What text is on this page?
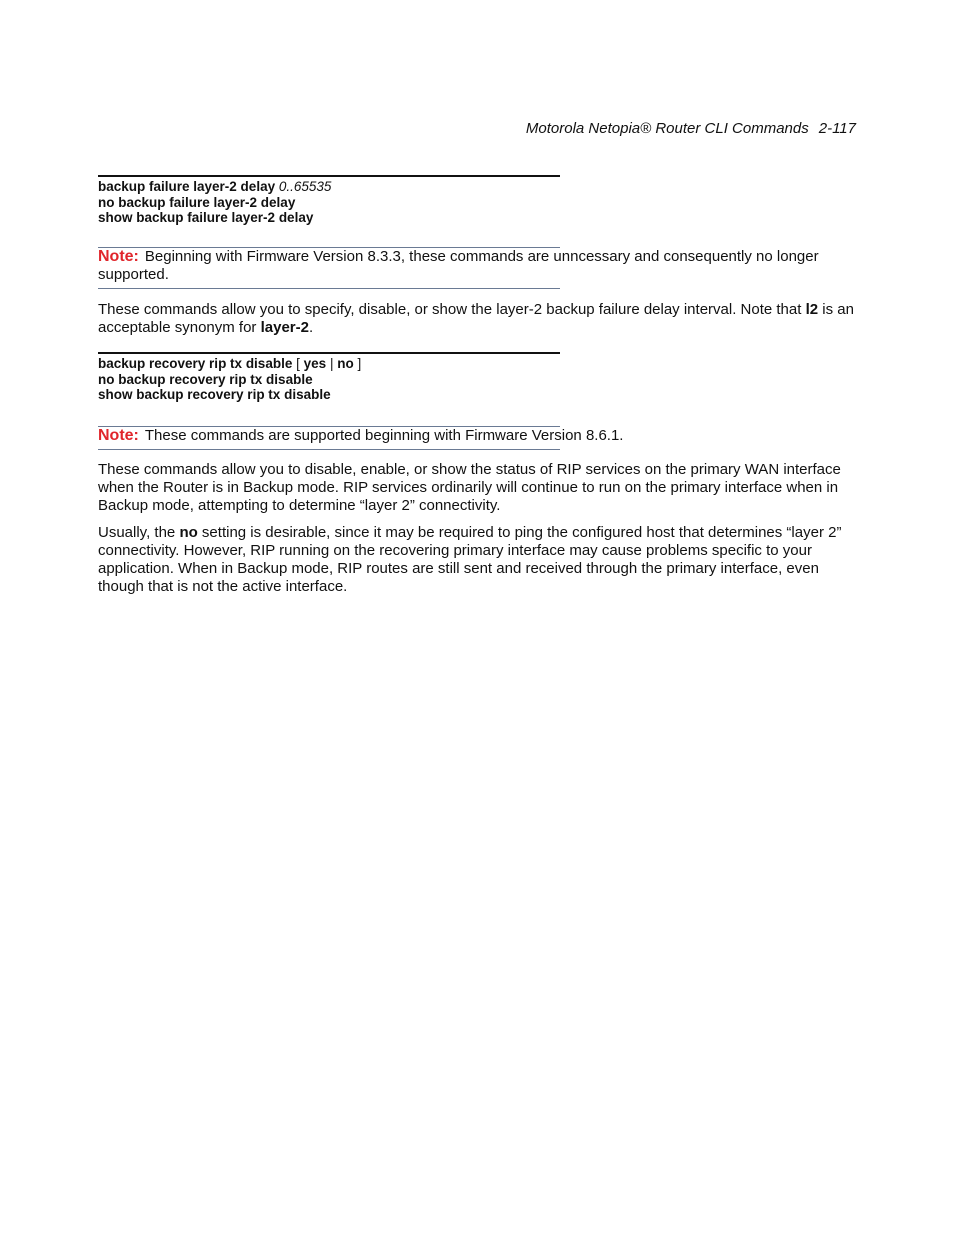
Motorola Netopia® Router CLI Commands 2-117
backup failure layer-2 delay 0..65535
no backup failure layer-2 delay
show backup failure layer-2 delay
Note: Beginning with Firmware Version 8.3.3, these commands are unncessary and consequently no longer supported.
These commands allow you to specify, disable, or show the layer-2 backup failure delay interval. Note that l2 is an acceptable synonym for layer-2.
backup recovery rip tx disable [ yes | no ]
no backup recovery rip tx disable
show backup recovery rip tx disable
Note: These commands are supported beginning with Firmware Version 8.6.1.
These commands allow you to disable, enable, or show the status of RIP services on the primary WAN interface when the Router is in Backup mode. RIP services ordinarily will continue to run on the primary interface when in Backup mode, attempting to determine “layer 2” connectivity.
Usually, the no setting is desirable, since it may be required to ping the configured host that determines “layer 2” connectivity. However, RIP running on the recovering primary interface may cause problems specific to your application. When in Backup mode, RIP routes are still sent and received through the primary interface, even though that is not the active interface.
